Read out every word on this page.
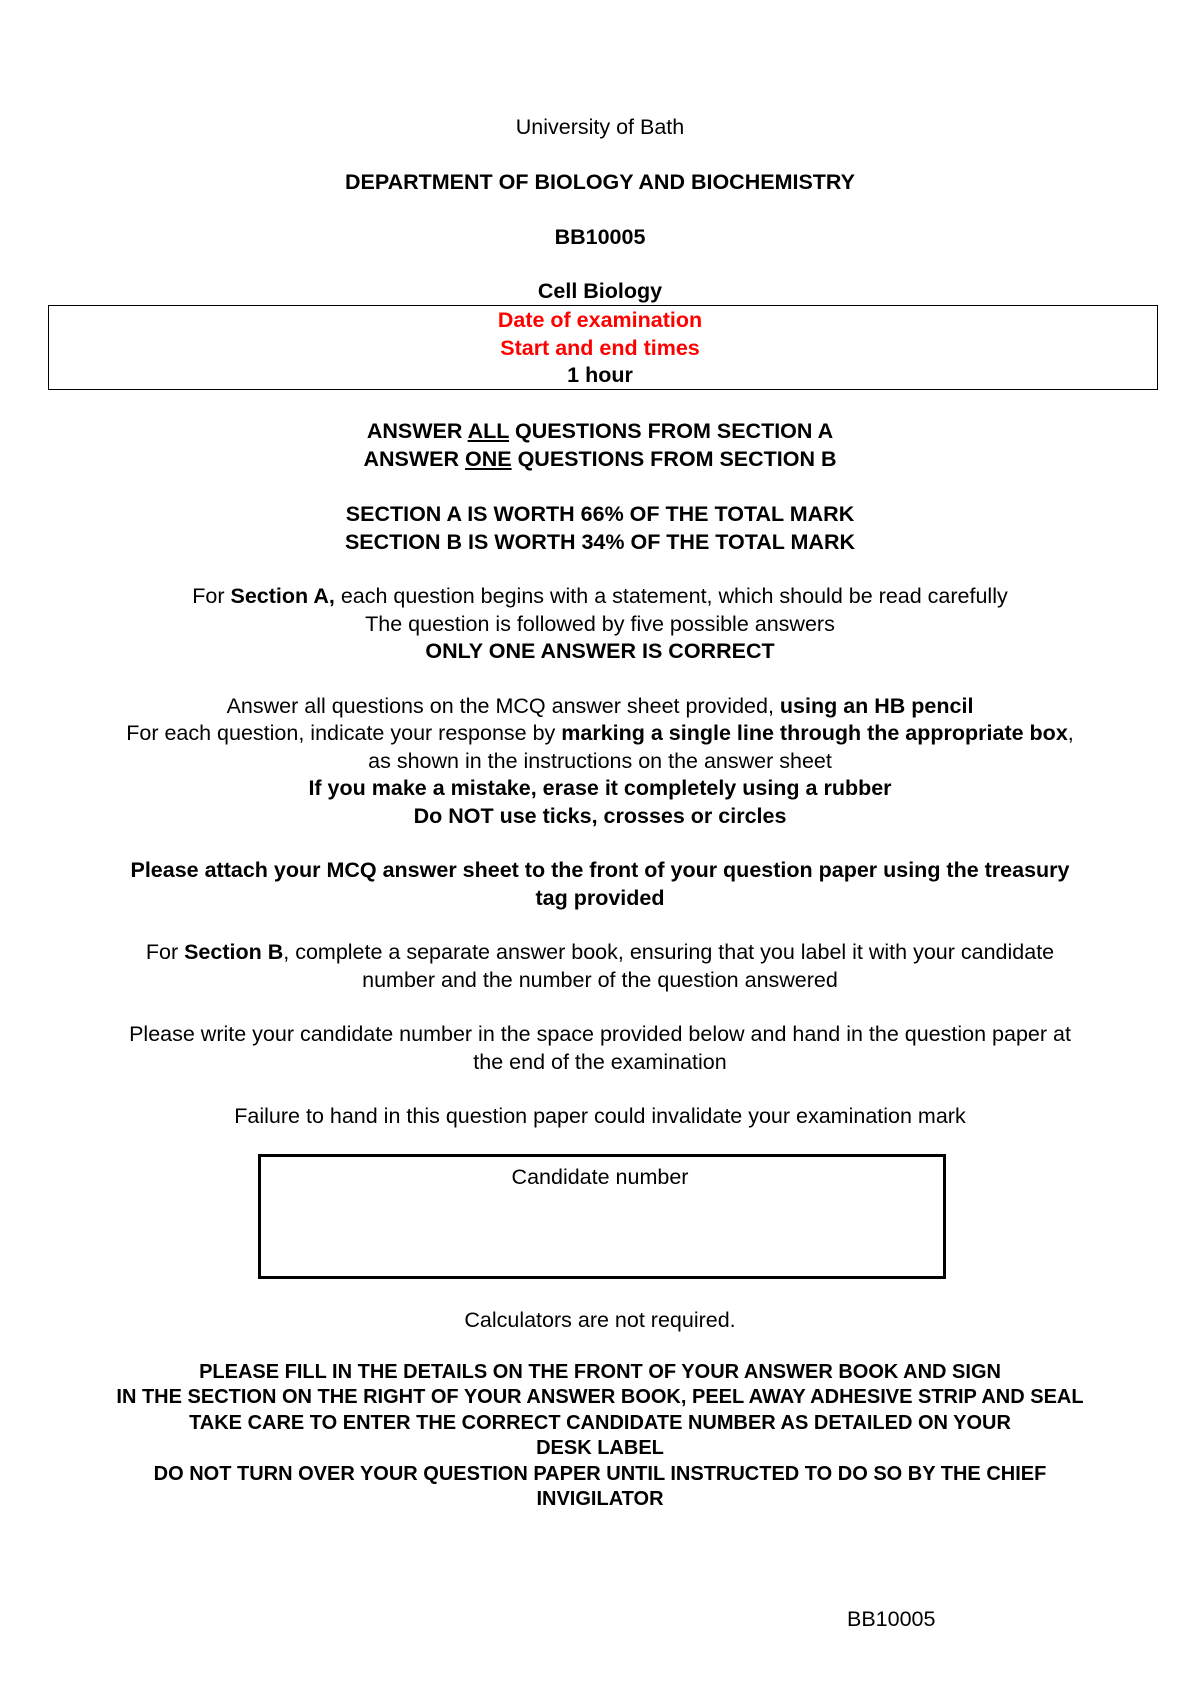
University of Bath
DEPARTMENT OF BIOLOGY AND BIOCHEMISTRY
BB10005
Cell Biology
Date of examination
Start and end times
1 hour
ANSWER ALL QUESTIONS FROM SECTION A
ANSWER ONE QUESTIONS FROM SECTION B
SECTION A IS WORTH 66% OF THE TOTAL MARK
SECTION B IS WORTH 34% OF THE TOTAL MARK
For Section A, each question begins with a statement, which should be read carefully
The question is followed by five possible answers
ONLY ONE ANSWER IS CORRECT
Answer all questions on the MCQ answer sheet provided, using an HB pencil
For each question, indicate your response by marking a single line through the appropriate box,
as shown in the instructions on the answer sheet
If you make a mistake, erase it completely using a rubber
Do NOT use ticks, crosses or circles
Please attach your MCQ answer sheet to the front of your question paper using the treasury
tag provided
For Section B, complete a separate answer book, ensuring that you label it with your candidate
number and the number of the question answered
Please write your candidate number in the space provided below and hand in the question paper at
the end of the examination
Failure to hand in this question paper could invalidate your examination mark
Candidate number
Calculators are not required.
PLEASE FILL IN THE DETAILS ON THE FRONT OF YOUR ANSWER BOOK AND SIGN
IN THE SECTION ON THE RIGHT OF YOUR ANSWER BOOK, PEEL AWAY ADHESIVE STRIP AND SEAL
TAKE CARE TO ENTER THE CORRECT CANDIDATE NUMBER AS DETAILED ON YOUR
DESK LABEL
DO NOT TURN OVER YOUR QUESTION PAPER UNTIL INSTRUCTED TO DO SO BY THE CHIEF
INVIGILATOR
BB10005
